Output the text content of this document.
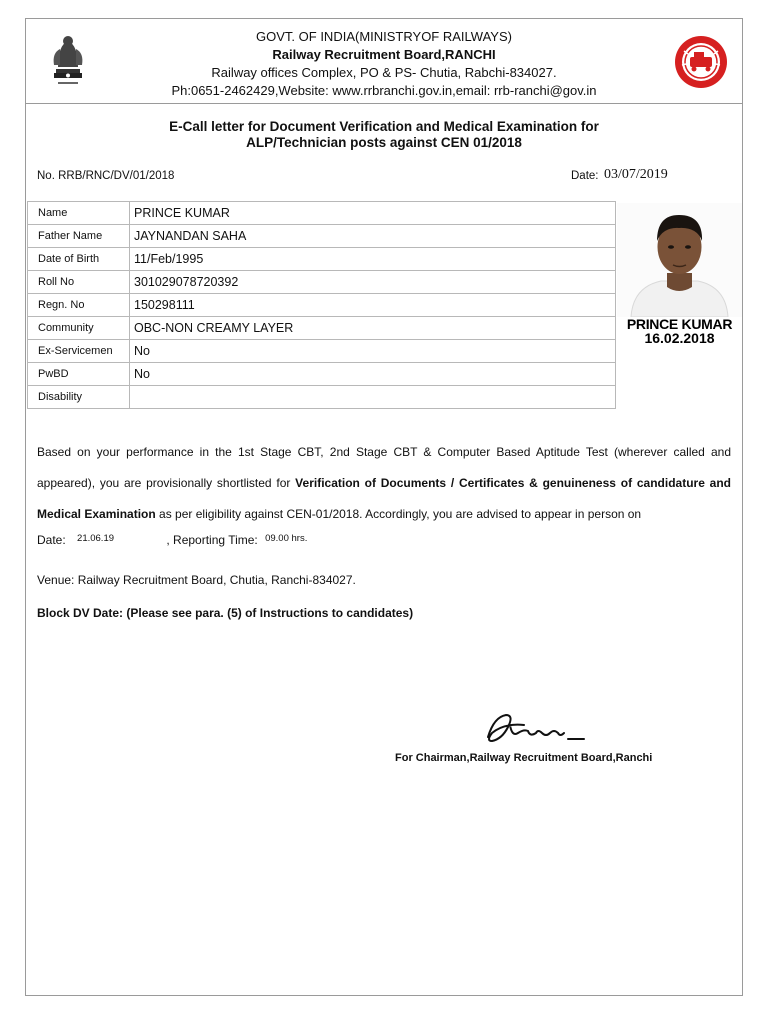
GOVT. OF INDIA(MINISTRYOF RAILWAYS)
Railway Recruitment Board,RANCHI
Railway offices Complex, PO & PS- Chutia, Rabchi-834027.
Ph:0651-2462429,Website: www.rrbranchi.gov.in,email: rrb-ranchi@gov.in
E-Call letter for Document Verification and Medical Examination for
ALP/Technician posts against CEN 01/2018
No. RRB/RNC/DV/01/2018	Date: 03/07/2019
Name	PRINCE KUMAR
Father Name	JAYNANDAN SAHA
Date of Birth	11/Feb/1995
Roll No	301029078720392
Regn. No	150298111
Community	OBC-NON CREAMY LAYER
Ex-Servicemen	No
PwBD	No
Disability	
PRINCE KUMAR
16.02.2018
Based on your performance in the 1st Stage CBT, 2nd Stage CBT & Computer Based Aptitude Test (wherever called and appeared), you are provisionally shortlisted for Verification of Documents / Certificates & genuineness of candidature and Medical Examination as per eligibility against CEN-01/2018. Accordingly, you are advised to appear in person on
Date: 21.06.19	, Reporting Time: $^{09.00 hrs.}$
Venue: Railway Recruitment Board, Chutia, Ranchi-834027.
Block DV Date: (Please see para. (5) of Instructions to candidates)
For Chairman,Railway Recruitment Board,Ranchi
